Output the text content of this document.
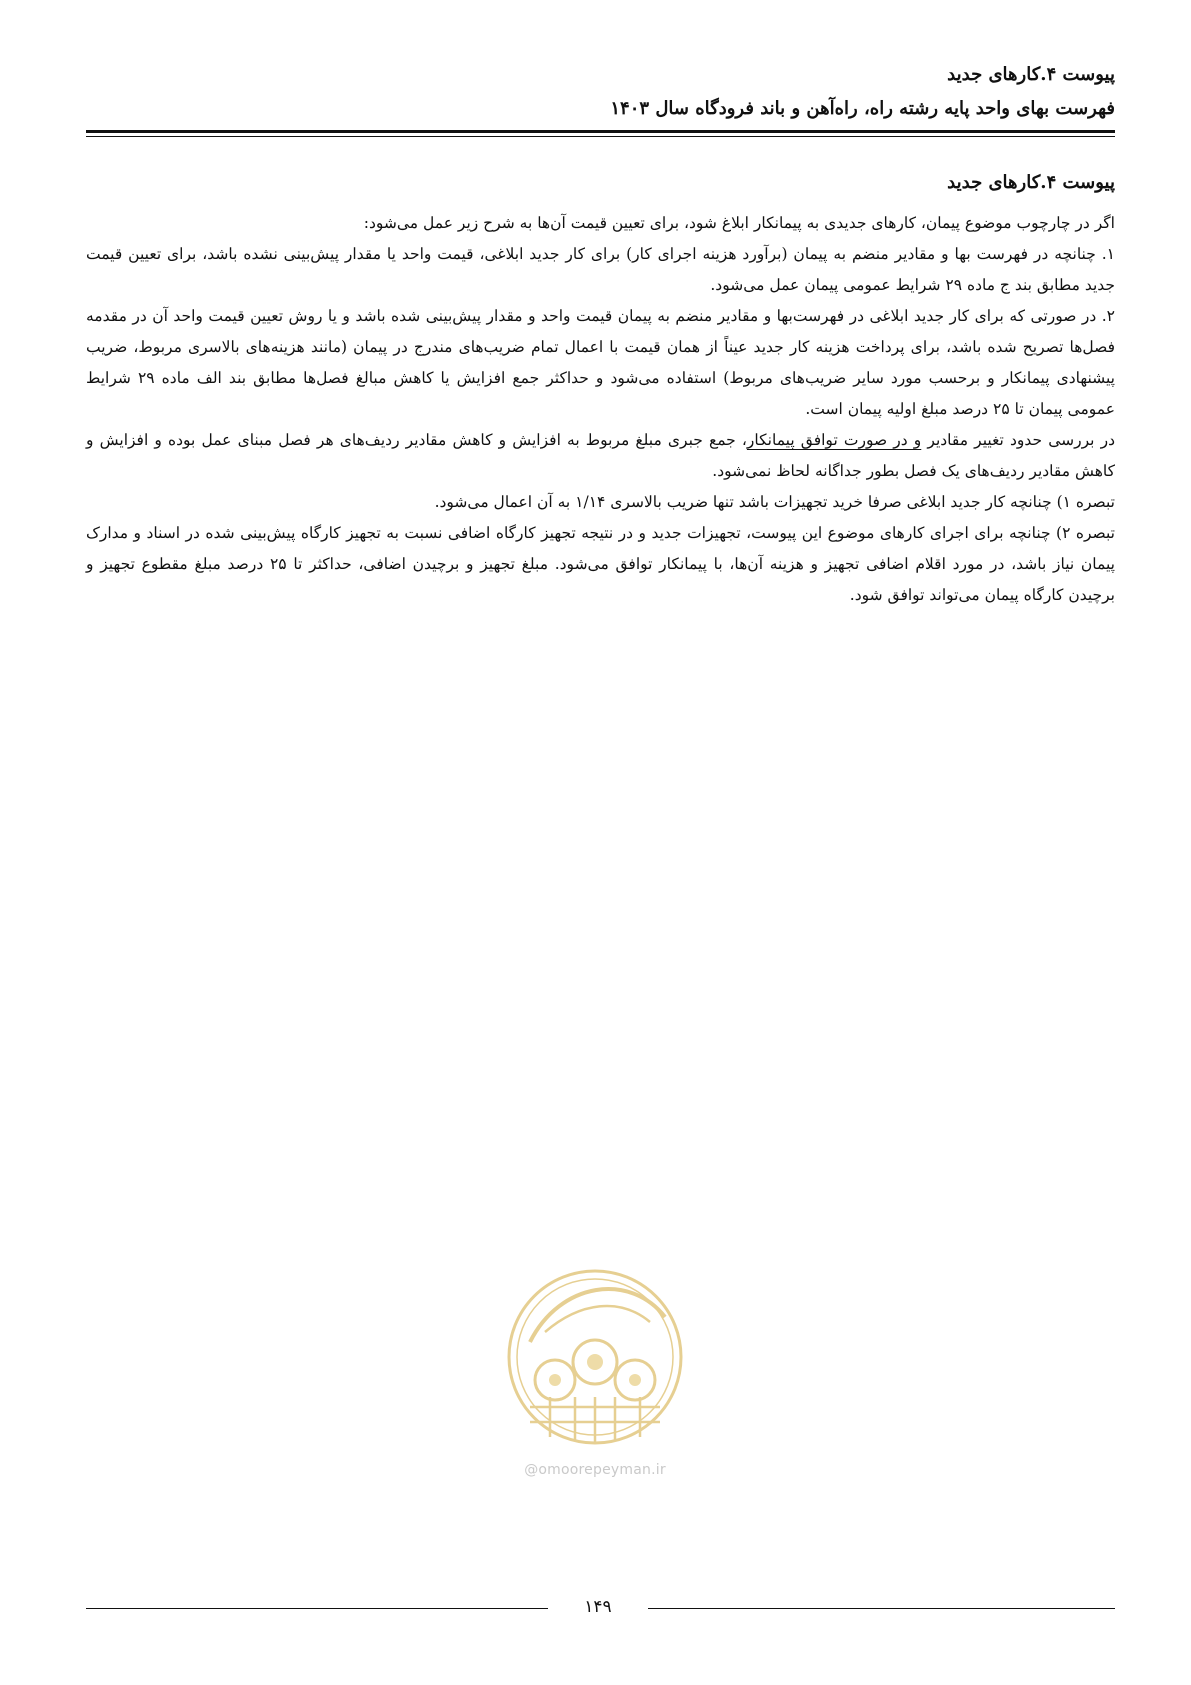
پیوست ۴.کارهای جدید
فهرست بهای واحد پایه رشته راه، راه‌آهن و باند فرودگاه سال ۱۴۰۳
پیوست ۴.کارهای جدید

اگر در چارچوب موضوع پیمان، کارهای جدیدی به پیمانکار ابلاغ شود، برای تعیین قیمت آن‌ها به شرح زیر عمل می‌شود:

۱. چنانچه در فهرست بها و مقادیر منضم به پیمان (برآورد هزینه اجرای کار) برای کار جدید ابلاغی، قیمت واحد یا مقدار پیش‌بینی نشده باشد، برای تعیین قیمت جدید مطابق بند ج ماده ۲۹ شرایط عمومی پیمان عمل می‌شود.

۲. در صورتی که برای کار جدید ابلاغی در فهرست‌بها و مقادیر منضم به پیمان قیمت واحد و مقدار پیش‌بینی شده باشد و یا روش تعیین قیمت واحد آن در مقدمه فصل‌ها تصریح شده باشد، برای پرداخت هزینه کار جدید عیناً از همان قیمت با اعمال تمام ضریب‌های مندرج در پیمان (مانند هزینه‌های بالاسری مربوط، ضریب پیشنهادی پیمانکار و برحسب مورد سایر ضریب‌های مربوط) استفاده می‌شود و حداکثر جمع افزایش یا کاهش مبالغ فصل‌ها مطابق بند الف ماده ۲۹ شرایط عمومی پیمان تا ۲۵ درصد مبلغ اولیه پیمان است.

در بررسی حدود تغییر مقادیر و در صورت توافق پیمانکار، جمع جبری مبلغ مربوط به افزایش و کاهش مقادیر ردیف‌های هر فصل مبنای عمل بوده و افزایش و کاهش مقادیر ردیف‌های یک فصل بطور جداگانه لحاظ نمی‌شود.

تبصره ۱) چنانچه کار جدید ابلاغی صرفا خرید تجهیزات باشد تنها ضریب بالاسری ۱/۱۴ به آن اعمال می‌شود.

تبصره ۲) چنانچه برای اجرای کارهای موضوع این پیوست، تجهیزات جدید و در نتیجه تجهیز کارگاه اضافی نسبت به تجهیز کارگاه پیش‌بینی شده در اسناد و مدارک پیمان نیاز باشد، در مورد اقلام اضافی تجهیز و هزینه آن‌ها، با پیمانکار توافق می‌شود. مبلغ تجهیز و برچیدن اضافی، حداکثر تا ۲۵ درصد مبلغ مقطوع تجهیز و برچیدن کارگاه پیمان می‌تواند توافق شود.

@omoorepeyman.ir
۱۴۹
